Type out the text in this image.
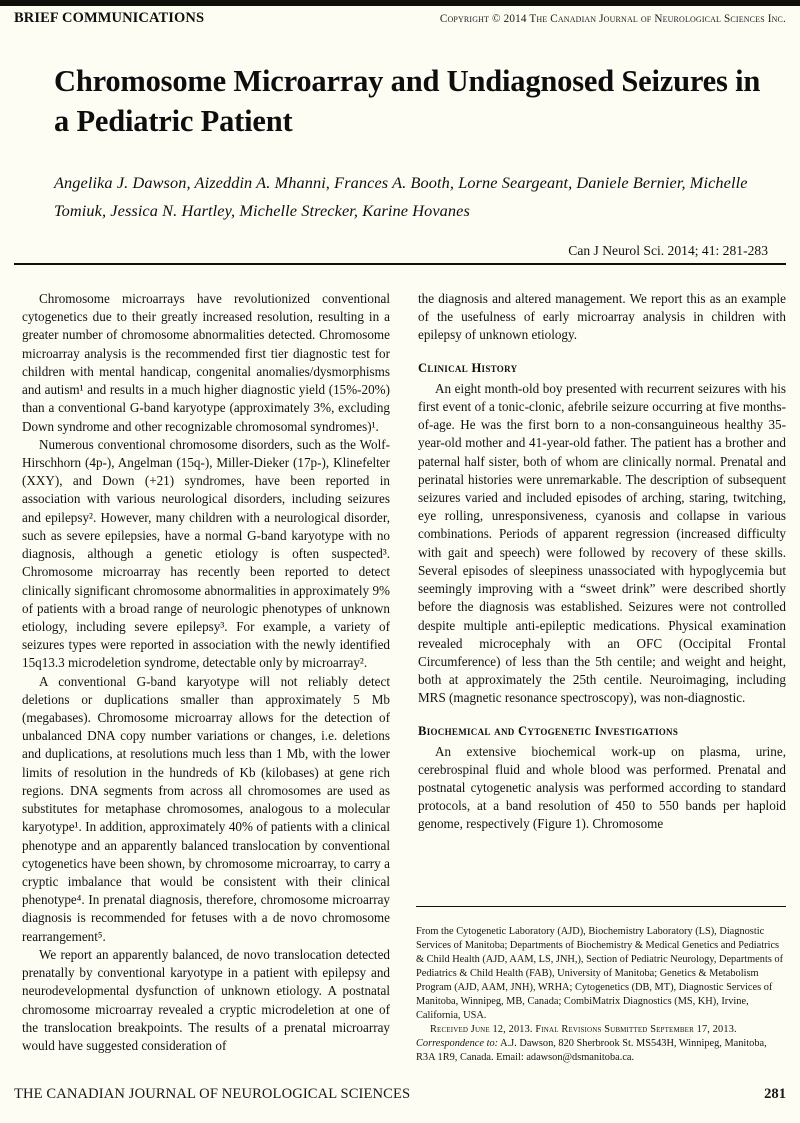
BRIEF COMMUNICATIONS	Copyright © 2014 The Canadian Journal of Neurological Sciences Inc.
Chromosome Microarray and Undiagnosed Seizures in a Pediatric Patient
Angelika J. Dawson, Aizeddin A. Mhanni, Frances A. Booth, Lorne Seargeant, Daniele Bernier, Michelle Tomiuk, Jessica N. Hartley, Michelle Strecker, Karine Hovanes
Can J Neurol Sci. 2014; 41: 281-283

Chromosome microarrays have revolutionized conventional cytogenetics due to their greatly increased resolution, resulting in a greater number of chromosome abnormalities detected. Chromosome microarray analysis is the recommended first tier diagnostic test for children with mental handicap, congenital anomalies/dysmorphisms and autism¹ and results in a much higher diagnostic yield (15%-20%) than a conventional G-band karyotype (approximately 3%, excluding Down syndrome and other recognizable chromosomal syndromes)¹.

Numerous conventional chromosome disorders, such as the Wolf-Hirschhorn (4p-), Angelman (15q-), Miller-Dieker (17p-), Klinefelter (XXY), and Down (+21) syndromes, have been reported in association with various neurological disorders, including seizures and epilepsy². However, many children with a neurological disorder, such as severe epilepsies, have a normal G-band karyotype with no diagnosis, although a genetic etiology is often suspected³. Chromosome microarray has recently been reported to detect clinically significant chromosome abnormalities in approximately 9% of patients with a broad range of neurologic phenotypes of unknown etiology, including severe epilepsy³. For example, a variety of seizures types were reported in association with the newly identified 15q13.3 microdeletion syndrome, detectable only by microarray².

A conventional G-band karyotype will not reliably detect deletions or duplications smaller than approximately 5 Mb (megabases). Chromosome microarray allows for the detection of unbalanced DNA copy number variations or changes, i.e. deletions and duplications, at resolutions much less than 1 Mb, with the lower limits of resolution in the hundreds of Kb (kilobases) at gene rich regions. DNA segments from across all chromosomes are used as substitutes for metaphase chromosomes, analogous to a molecular karyotype¹. In addition, approximately 40% of patients with a clinical phenotype and an apparently balanced translocation by conventional cytogenetics have been shown, by chromosome microarray, to carry a cryptic imbalance that would be consistent with their clinical phenotype⁴. In prenatal diagnosis, therefore, chromosome microarray diagnosis is recommended for fetuses with a de novo chromosome rearrangement⁵.

We report an apparently balanced, de novo translocation detected prenatally by conventional karyotype in a patient with epilepsy and neurodevelopmental dysfunction of unknown etiology. A postnatal chromosome microarray revealed a cryptic microdeletion at one of the translocation breakpoints. The results of a prenatal microarray would have suggested consideration of

the diagnosis and altered management. We report this as an example of the usefulness of early microarray analysis in children with epilepsy of unknown etiology.

Clinical History

An eight month-old boy presented with recurrent seizures with his first event of a tonic-clonic, afebrile seizure occurring at five months-of-age. He was the first born to a non-consanguineous healthy 35-year-old mother and 41-year-old father. The patient has a brother and paternal half sister, both of whom are clinically normal. Prenatal and perinatal histories were unremarkable. The description of subsequent seizures varied and included episodes of arching, staring, twitching, eye rolling, unresponsiveness, cyanosis and collapse in various combinations. Periods of apparent regression (increased difficulty with gait and speech) were followed by recovery of these skills. Several episodes of sleepiness unassociated with hypoglycemia but seemingly improving with a “sweet drink” were described shortly before the diagnosis was established. Seizures were not controlled despite multiple anti-epileptic medications. Physical examination revealed microcephaly with an OFC (Occipital Frontal Circumference) of less than the 5th centile; and weight and height, both at approximately the 25th centile. Neuroimaging, including MRS (magnetic resonance spectroscopy), was non-diagnostic.

Biochemical and Cytogenetic Investigations

An extensive biochemical work-up on plasma, urine, cerebrospinal fluid and whole blood was performed. Prenatal and postnatal cytogenetic analysis was performed according to standard protocols, at a band resolution of 450 to 550 bands per haploid genome, respectively (Figure 1). Chromosome

From the Cytogenetic Laboratory (AJD), Biochemistry Laboratory (LS), Diagnostic Services of Manitoba; Departments of Biochemistry & Medical Genetics and Pediatrics & Child Health (AJD, AAM, LS, JNH,), Section of Pediatric Neurology, Departments of Pediatrics & Child Health (FAB), University of Manitoba; Genetics & Metabolism Program (AJD, AAM, JNH), WRHA; Cytogenetics (DB, MT), Diagnostic Services of Manitoba, Winnipeg, MB, Canada; CombiMatrix Diagnostics (MS, KH), Irvine, California, USA.

Received June 12, 2013. Final Revisions Submitted September 17, 2013.

Correspondence to: A.J. Dawson, 820 Sherbrook St. MS543H, Winnipeg, Manitoba, R3A 1R9, Canada. Email: adawson@dsmanitoba.ca.

THE CANADIAN JOURNAL OF NEUROLOGICAL SCIENCES	281
